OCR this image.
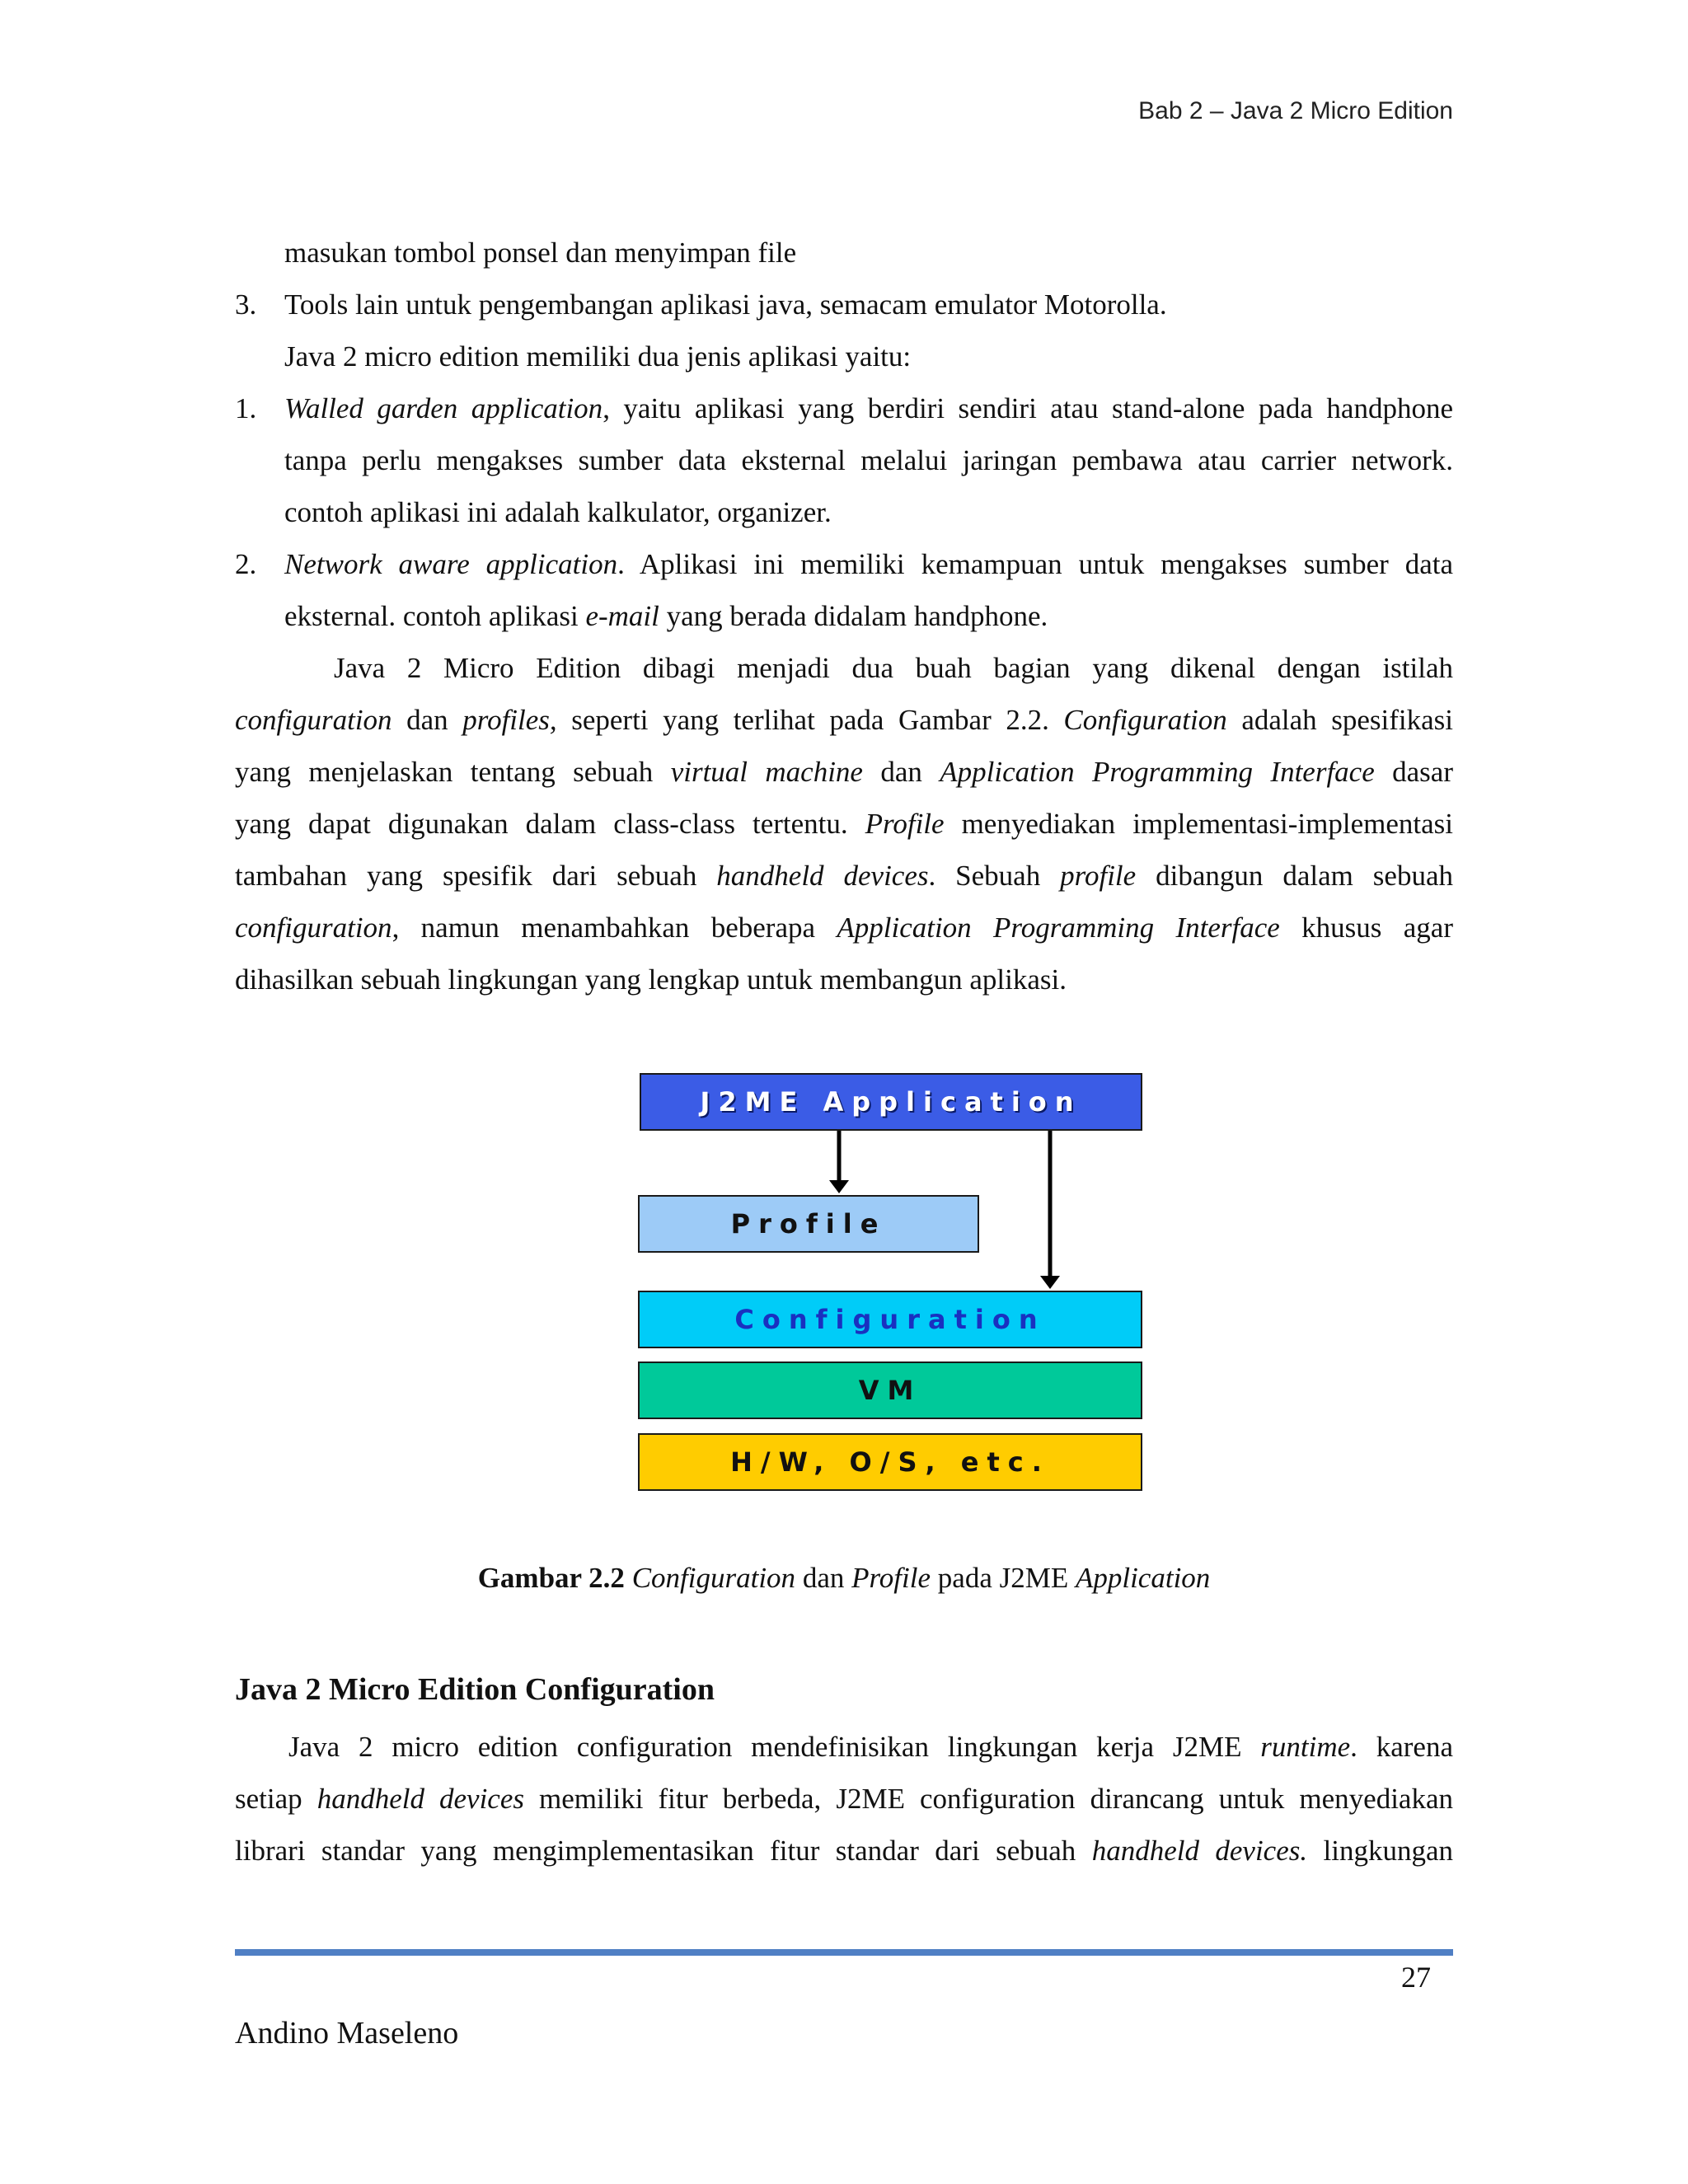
Bab 2 – Java 2 Micro Edition
masukan tombol ponsel dan menyimpan file
3. Tools lain untuk pengembangan aplikasi java, semacam emulator Motorolla.
Java 2 micro edition memiliki dua jenis aplikasi yaitu:
1. Walled garden application, yaitu aplikasi yang berdiri sendiri atau stand-alone pada handphone
tanpa perlu mengakses sumber data eksternal melalui jaringan pembawa atau carrier network.
contoh aplikasi ini adalah kalkulator, organizer.
2. Network aware application. Aplikasi ini memiliki kemampuan untuk mengakses sumber data
eksternal. contoh aplikasi e-mail yang berada didalam handphone.
Java 2 Micro Edition dibagi menjadi dua buah bagian yang dikenal dengan istilah
configuration dan profiles, seperti yang terlihat pada Gambar 2.2. Configuration adalah spesifikasi
yang menjelaskan tentang sebuah virtual machine dan Application Programming Interface dasar
yang dapat digunakan dalam class-class tertentu. Profile menyediakan implementasi-implementasi
tambahan yang spesifik dari sebuah handheld devices. Sebuah profile dibangun dalam sebuah
configuration, namun menambahkan beberapa Application Programming Interface khusus agar
dihasilkan sebuah lingkungan yang lengkap untuk membangun aplikasi.
J2ME Application
Profile
Configuration
VM
H/W, O/S, etc.
Gambar 2.2 Configuration dan Profile pada J2ME Application
Java 2 Micro Edition Configuration
Java 2 micro edition configuration mendefinisikan lingkungan kerja J2ME runtime. karena
setiap handheld devices memiliki fitur berbeda, J2ME configuration dirancang untuk menyediakan
librari standar yang mengimplementasikan fitur standar dari sebuah handheld devices. lingkungan
27
Andino Maseleno
